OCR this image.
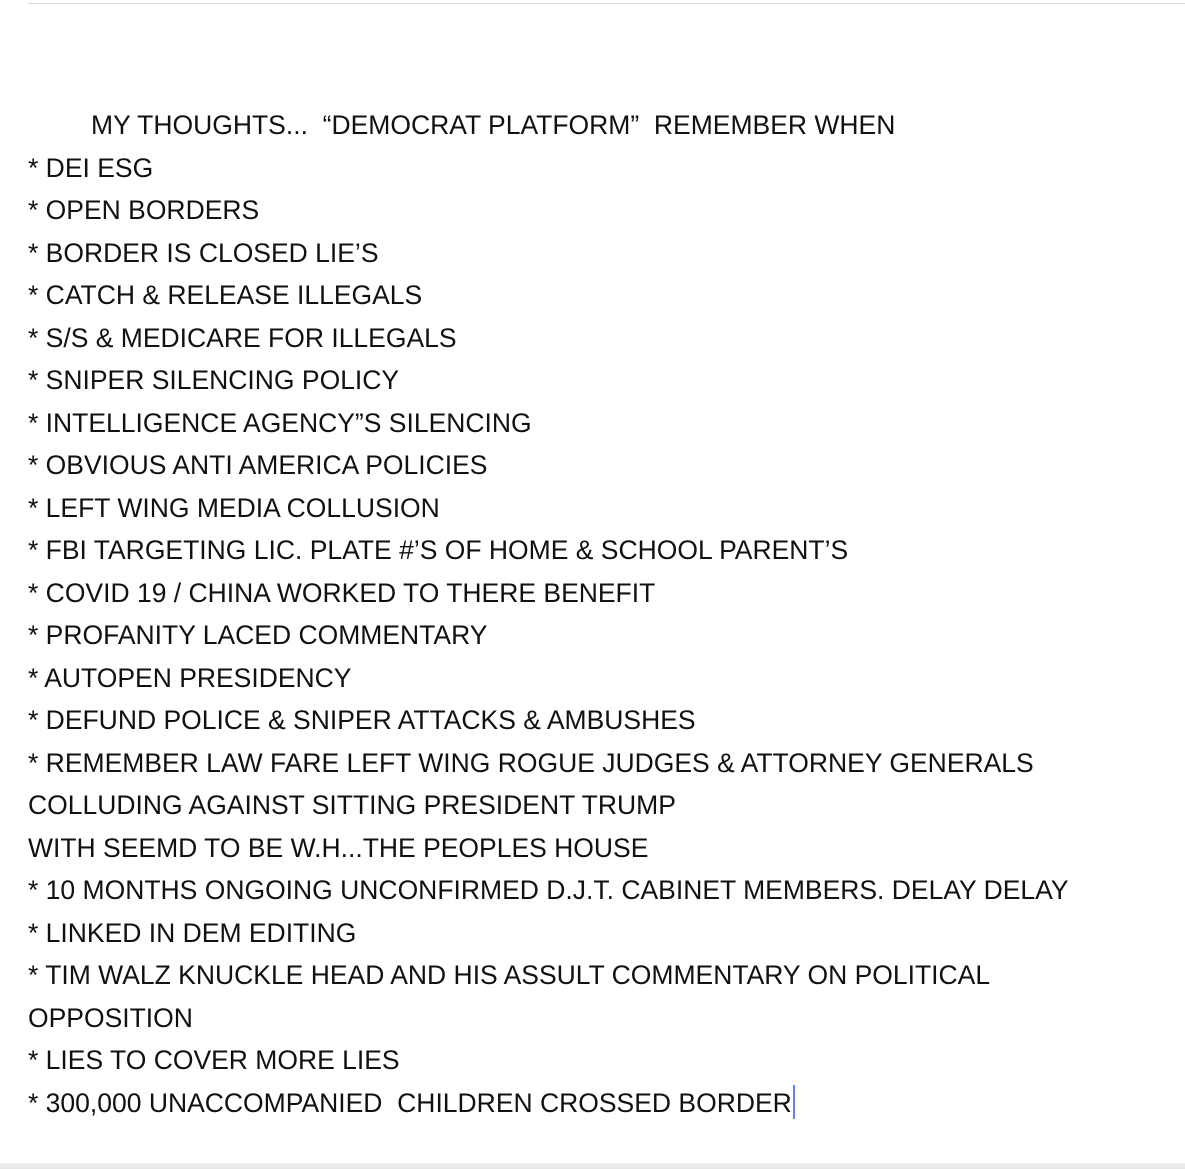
MY THOUGHTS...  “DEMOCRAT PLATFORM”  REMEMBER WHEN
* DEI ESG
* OPEN BORDERS
* BORDER IS CLOSED LIE’S
* CATCH & RELEASE ILLEGALS
* S/S & MEDICARE FOR ILLEGALS
* SNIPER SILENCING POLICY
* INTELLIGENCE AGENCY”S SILENCING
* OBVIOUS ANTI AMERICA POLICIES
* LEFT WING MEDIA COLLUSION
* FBI TARGETING LIC. PLATE #’S OF HOME & SCHOOL PARENT’S
* COVID 19 / CHINA WORKED TO THERE BENEFIT
* PROFANITY LACED COMMENTARY
* AUTOPEN PRESIDENCY
* DEFUND POLICE & SNIPER ATTACKS & AMBUSHES
* REMEMBER LAW FARE LEFT WING ROGUE JUDGES & ATTORNEY GENERALS
COLLUDING AGAINST SITTING PRESIDENT TRUMP
WITH SEEMD TO BE W.H...THE PEOPLES HOUSE
* 10 MONTHS ONGOING UNCONFIRMED D.J.T. CABINET MEMBERS. DELAY DELAY
* LINKED IN DEM EDITING
* TIM WALZ KNUCKLE HEAD AND HIS ASSULT COMMENTARY ON POLITICAL
OPPOSITION
* LIES TO COVER MORE LIES
* 300,000 UNACCOMPANIED  CHILDREN CROSSED BORDER
